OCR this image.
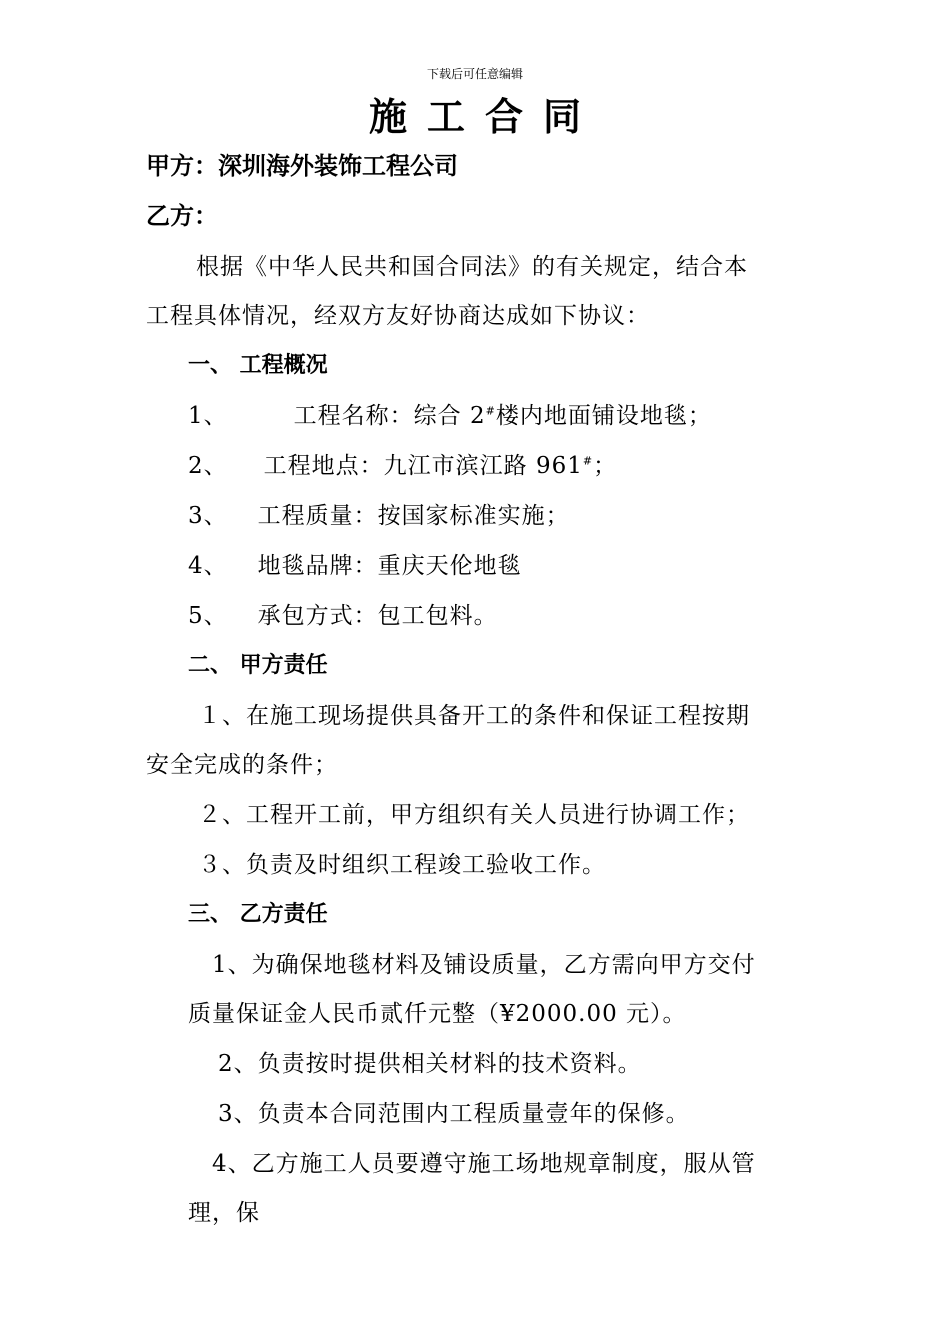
下载后可任意编辑
施工合同
甲方：深圳海外装饰工程公司
乙方：
根据《中华人民共和国合同法》的有关规定，结合本
工程具体情况，经双方友好协商达成如下协议：
一、 工程概况
1、	工程名称：综合 2#楼内地面铺设地毯；
2、 工程地点：九江市滨江路 961#；
3、 工程质量：按国家标准实施；
4、 地毯品牌：重庆天伦地毯
5、 承包方式：包工包料。
二、 甲方责任
１、在施工现场提供具备开工的条件和保证工程按期
安全完成的条件；
２、工程开工前，甲方组织有关人员进行协调工作；
３、负责及时组织工程竣工验收工作。
三、 乙方责任
1、为确保地毯材料及铺设质量，乙方需向甲方交付
质量保证金人民币贰仟元整（¥2000.00 元）。
2、负责按时提供相关材料的技术资料。
3、负责本合同范围内工程质量壹年的保修。
4、乙方施工人员要遵守施工场地规章制度，服从管
理，保
